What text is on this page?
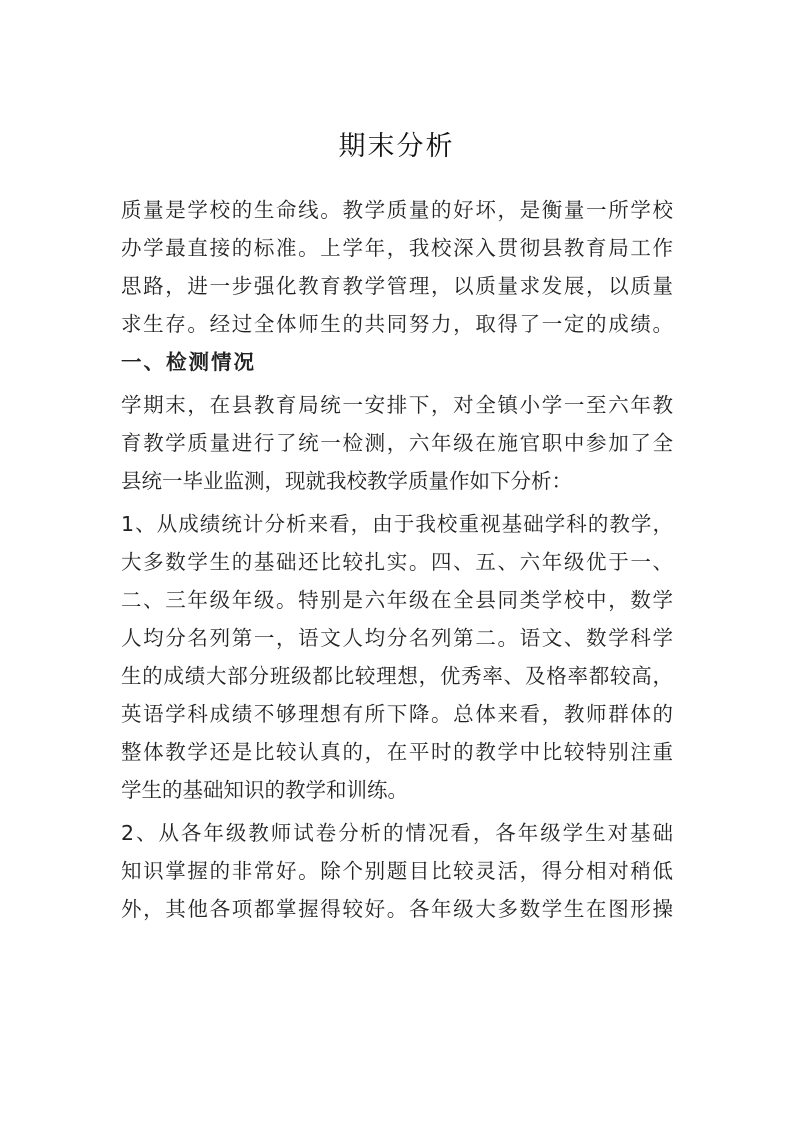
期末分析
质量是学校的生命线。教学质量的好坏，是衡量一所学校
办学最直接的标准。上学年，我校深入贯彻县教育局工作
思路，进一步强化教育教学管理，以质量求发展，以质量
求生存。经过全体师生的共同努力，取得了一定的成绩。
一、检测情况
学期末，在县教育局统一安排下，对全镇小学一至六年教
育教学质量进行了统一检测，六年级在施官职中参加了全
县统一毕业监测，现就我校教学质量作如下分析：
1、从成绩统计分析来看，由于我校重视基础学科的教学，
大多数学生的基础还比较扎实。四、五、六年级优于一、
二、三年级年级。特别是六年级在全县同类学校中，数学
人均分名列第一，语文人均分名列第二。语文、数学科学
生的成绩大部分班级都比较理想，优秀率、及格率都较高，
英语学科成绩不够理想有所下降。总体来看，教师群体的
整体教学还是比较认真的，在平时的教学中比较特别注重
学生的基础知识的教学和训练。
2、从各年级教师试卷分析的情况看，各年级学生对基础
知识掌握的非常好。除个别题目比较灵活，得分相对稍低
外，其他各项都掌握得较好。各年级大多数学生在图形操
